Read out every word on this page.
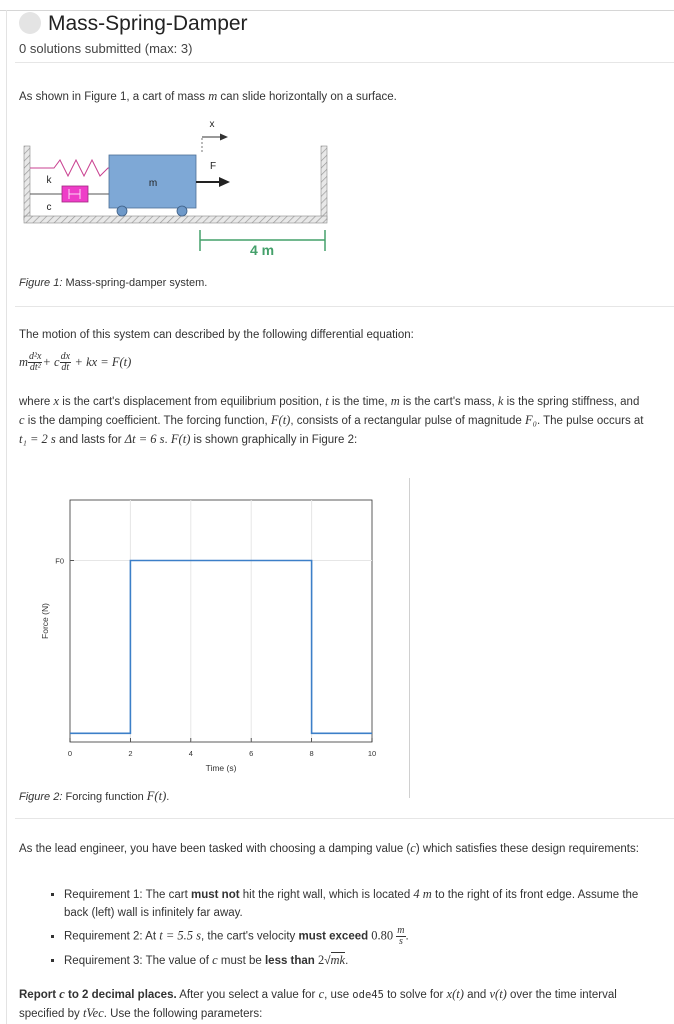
Mass-Spring-Damper
0 solutions submitted (max: 3)
As shown in Figure 1, a cart of mass m can slide horizontally on a surface.
k
c
m
x
F
4 m
Figure 1: Mass-spring-damper system.
The motion of this system can described by the following differential equation:
m $\frac{\text{d²x}}{\text{dt²}} + c \frac{dx}{dt}$ + kx = F(t)
where x is the cart's displacement from equilibrium position, t is the time, m is the cart's mass, k is the spring stiffness, and c is the damping coefficient. The forcing function, F(t), consists of a rectangular pulse of magnitude F₀. The pulse occurs at t₁ = 2 s and lasts for Δt = 6 s. F(t) is shown graphically in Figure 2:
0	2	4	6	8	10
F0
Time (s)
Force (N)
Figure 2: Forcing function F(t).
As the lead engineer, you have been tasked with choosing a damping value (c) which satisfies these design requirements:
▪ Requirement 1: The cart must not hit the right wall, which is located 4 m to the right of its front edge. Assume the back (left) wall is infinitely far away.
▪ Requirement 2: At t = 5.5 s, the cart's velocity must exceed $0.80 \frac{m}{s}$ .
▪ Requirement 3: The value of c must be less than 2√mk.
Report c to 2 decimal places. After you select a value for c, use ode45 to solve for x(t) and v(t) over the time interval specified by tVec. Use the following parameters:
